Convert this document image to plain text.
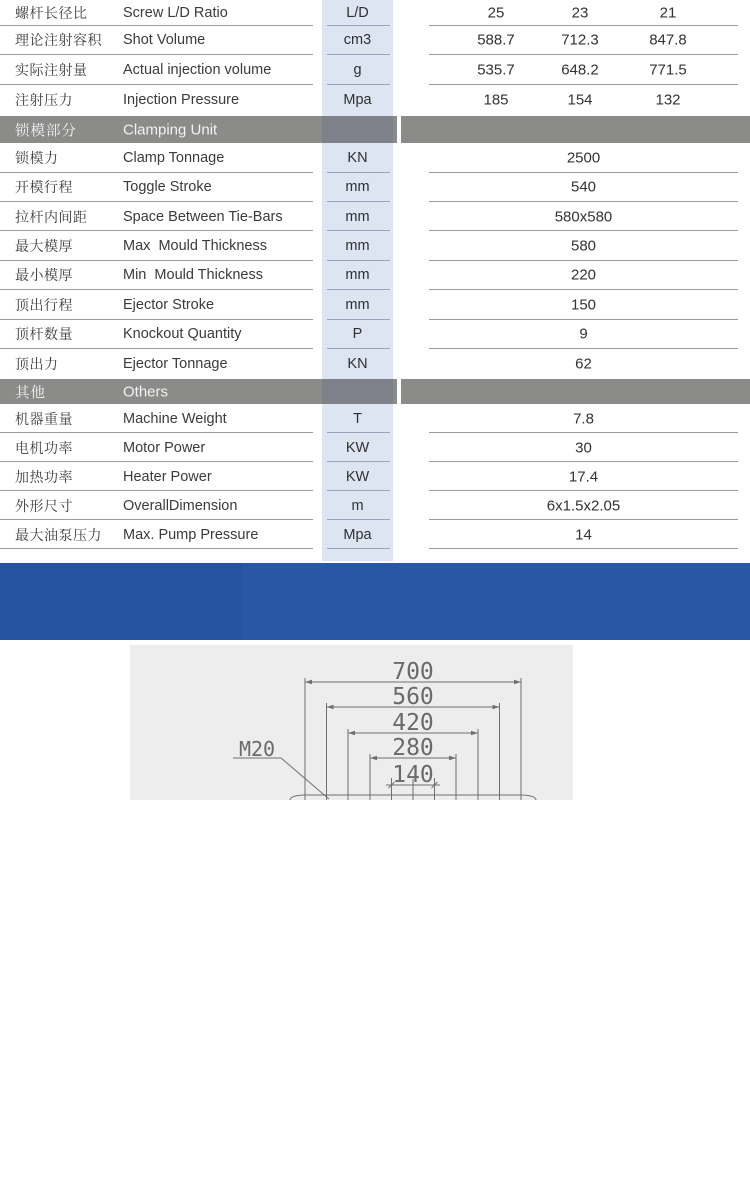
螺杆长径比 Screw L/D Ratio	L/D	25	23	21
理论注射容积 Shot Volume	cm3	588.7	712.3	847.8
实际注射量 Actual injection volume	g	535.7	648.2	771.5
注射压力	Injection Pressure	Mpa	185	154	132
锁模部分	Clamping Unit
锁模力	Clamp Tonnage	KN	2500
开模行程	Toggle Stroke	mm	540
拉杆内间距 Space Between Tie-Bars	mm	580x580
最大模厚	Max  Mould Thickness	mm	580
最小模厚	Min  Mould Thickness	mm	220
顶出行程	Ejector Stroke	mm	150
顶杆数量	Knockout Quantity	P	9
顶出力	Ejector Tonnage	KN	62
其他	Others
机器重量	Machine Weight	T	7.8
电机功率	Motor Power	KW	30
加热功率	Heater Power	KW	17.4
外形尺寸	OverallDimension	m	6x1.5x2.05
最大油泵压力 Max. Pump Pressure	Mpa	14
模板尺寸
Template size
700
560
420
280
140
M20
